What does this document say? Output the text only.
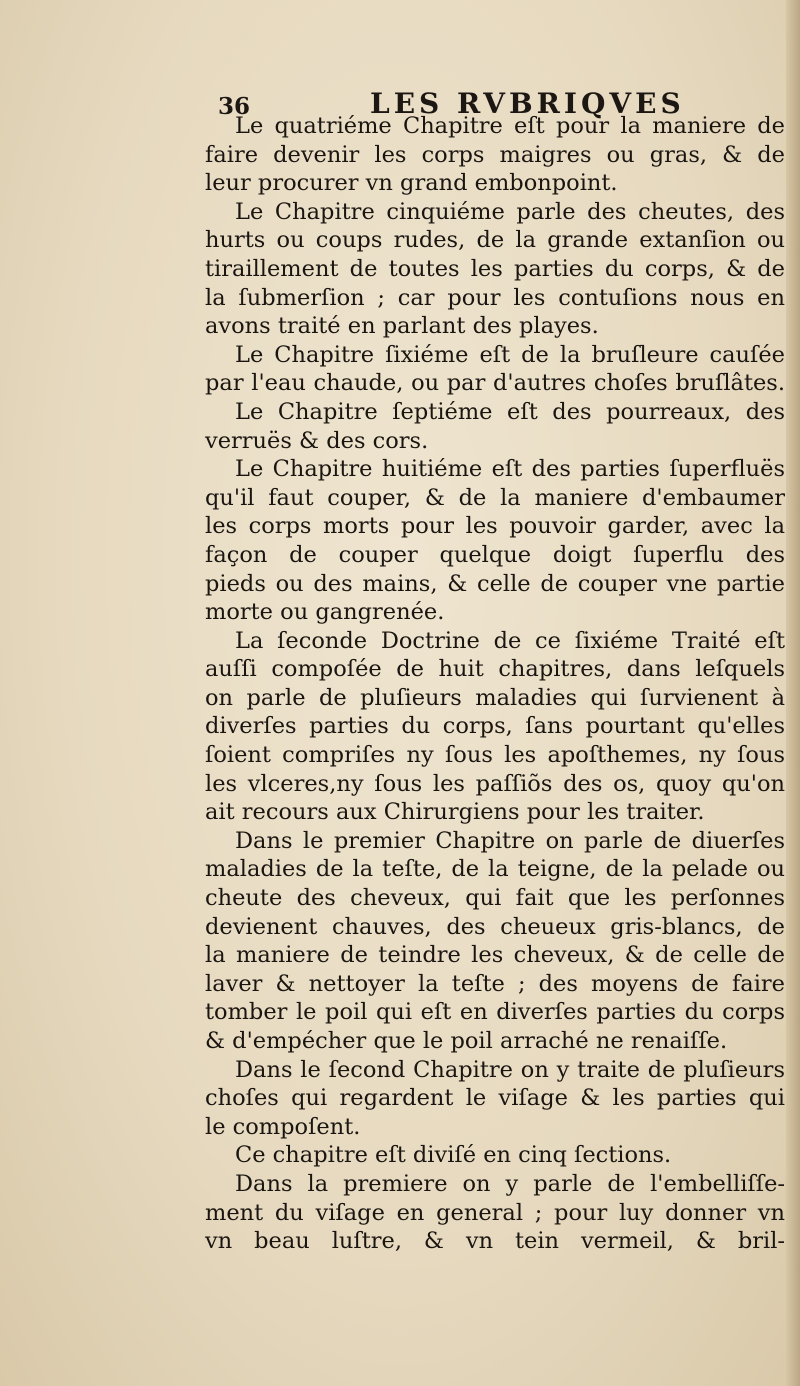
36	LES RVBRIQVES
Le quatriéme Chapitre eſt pour la maniere de
faire devenir les corps maigres ou gras, & de
leur procurer vn grand embonpoint.
Le Chapitre cinquiéme parle des cheutes, des
hurts ou coups rudes, de la grande extanſion ou
tiraillement de toutes les parties du corps, & de
la ſubmerſion ; car pour les contuſions nous en
avons traité en parlant des playes.
Le Chapitre ſixiéme eſt de la bruſleure cauſée
par l'eau chaude, ou par d'autres choſes bruſlâtes.
Le Chapitre ſeptiéme eſt des pourreaux, des
verruës & des cors.
Le Chapitre huitiéme eſt des parties ſuperfluës
qu'il faut couper, & de la maniere d'embaumer
les corps morts pour les pouvoir garder, avec la
façon de couper quelque doigt ſuperflu des
pieds ou des mains, & celle de couper vne partie
morte ou gangrenée.
La ſeconde Doctrine de ce ſixiéme Traité eſt
auſſi compoſée de huit chapitres, dans leſquels
on parle de pluſieurs maladies qui ſurvienent à
diverſes parties du corps, ſans pourtant qu'elles
ſoient compriſes ny ſous les apoſthemes, ny ſous
les vlceres,ny ſous les paſſiõs des os, quoy qu'on
ait recours aux Chirurgiens pour les traiter.
Dans le premier Chapitre on parle de diuerſes
maladies de la teſte, de la teigne, de la pelade ou
cheute des cheveux, qui fait que les perſonnes
devienent chauves, des cheueux gris-blancs, de
la maniere de teindre les cheveux, & de celle de
laver & nettoyer la teſte ; des moyens de faire
tomber le poil qui eſt en diverſes parties du corps
& d'empécher que le poil arraché ne renaiſſe.
Dans le ſecond Chapitre on y traite de pluſieurs
choſes qui regardent le viſage & les parties qui
le compoſent.
Ce chapitre eſt diviſé en cinq ſections.
Dans la premiere on y parle de l'embelliſſe-
ment du viſage en general ; pour luy donner vn
vn beau luſtre, & vn tein vermeil, & bril-
